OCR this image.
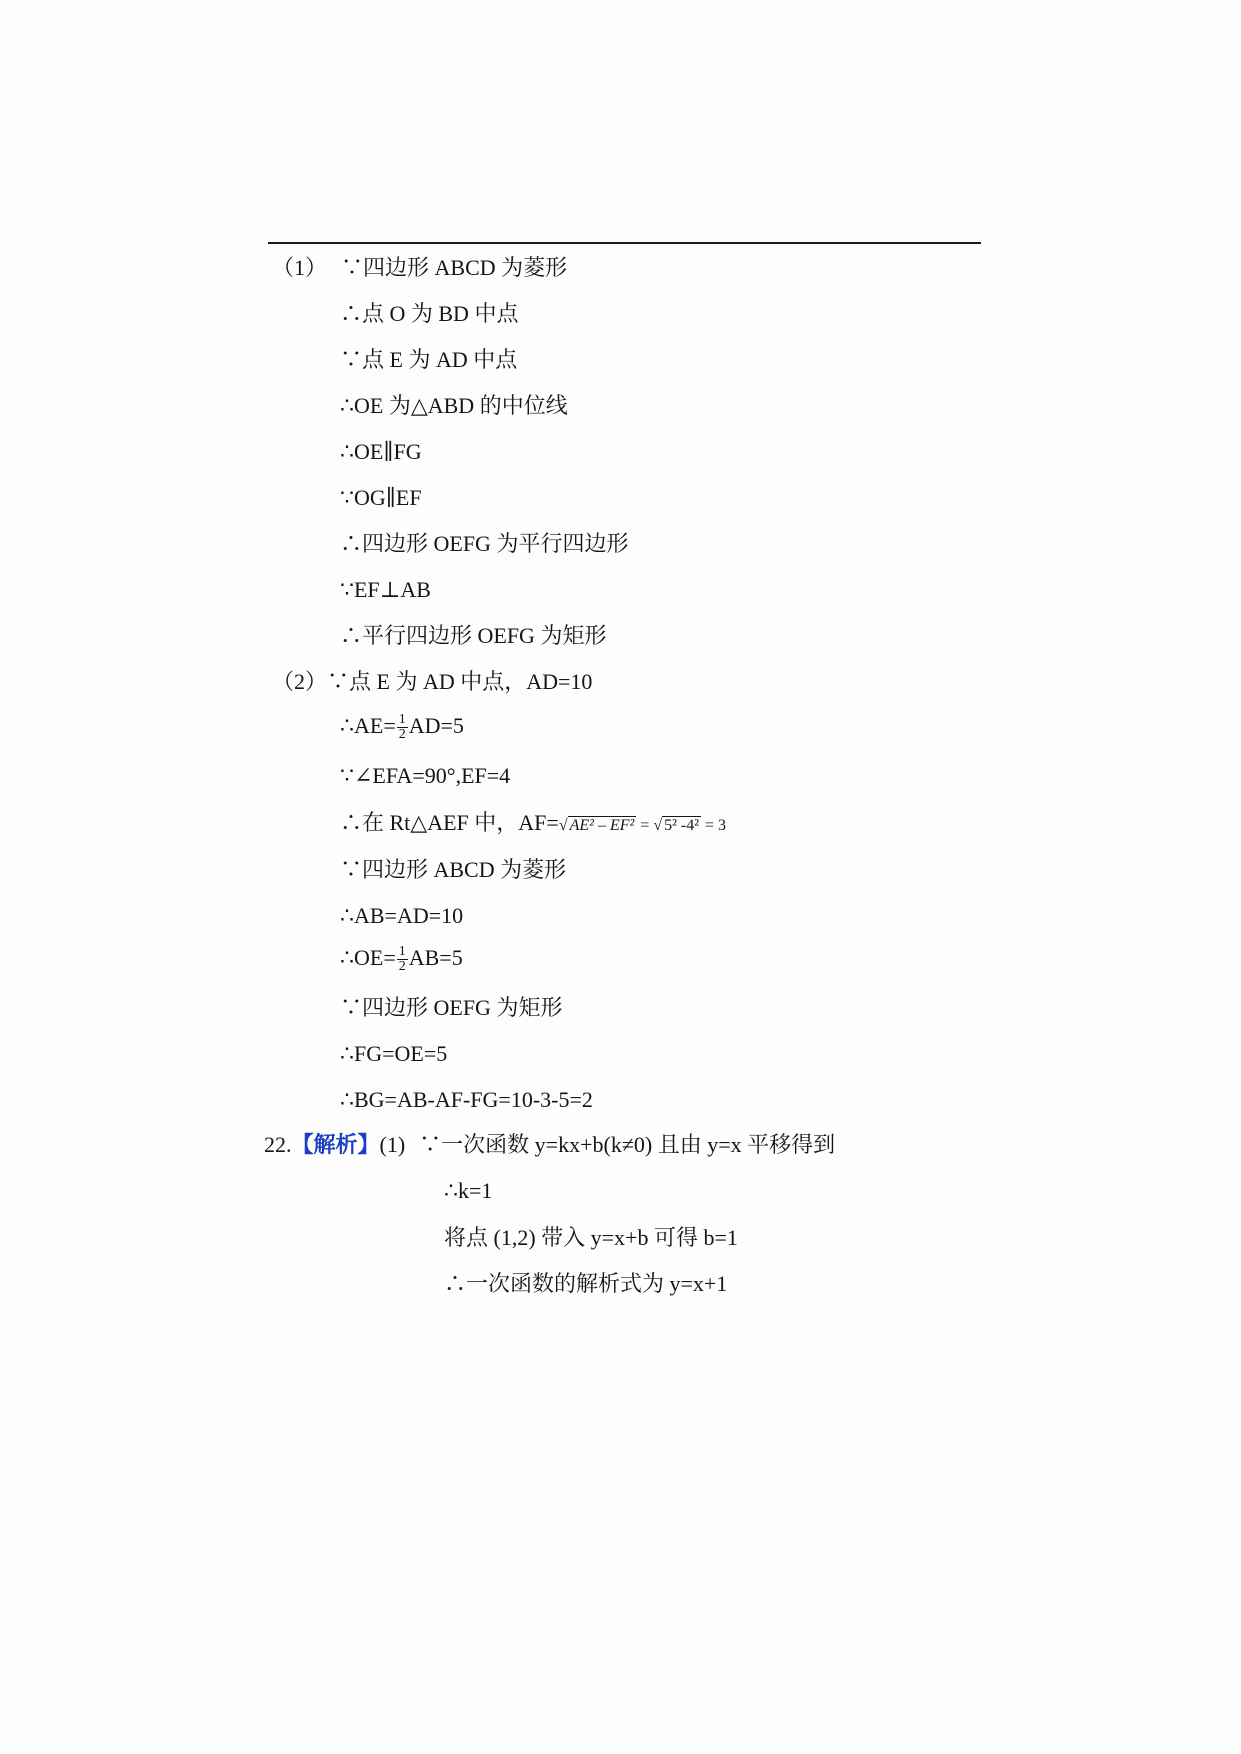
（1） ∵四边形 ABCD 为菱形
∴点 O 为 BD 中点
∵点 E 为 AD 中点
∴OE 为△ABD 的中位线
∴OE∥FG
∵OG∥EF
∴四边形 OEFG 为平行四边形
∵EF⊥AB
∴平行四边形 OEFG 为矩形
（2）∵点 E 为 AD 中点，AD=10
∴AE= $\frac{1}{2} AD=5$
∵∠EFA=90°,EF=4
∴在 Rt△AEF 中，AF=√ AE² – EF² = √ 5² -4² = 3
∵四边形 ABCD 为菱形
∴AB=AD=10
∴OE= $\frac{1}{2} AB=5$
∵四边形 OEFG 为矩形
∴FG=OE=5
∴BG=AB-AF-FG=10-3-5=2
22.【解析】(1) ∵一次函数 y=kx+b(k≠0) 且由 y=x 平移得到
∴k=1
将点 (1,2) 带入 y=x+b 可得 b=1
∴一次函数的解析式为 y=x+1
